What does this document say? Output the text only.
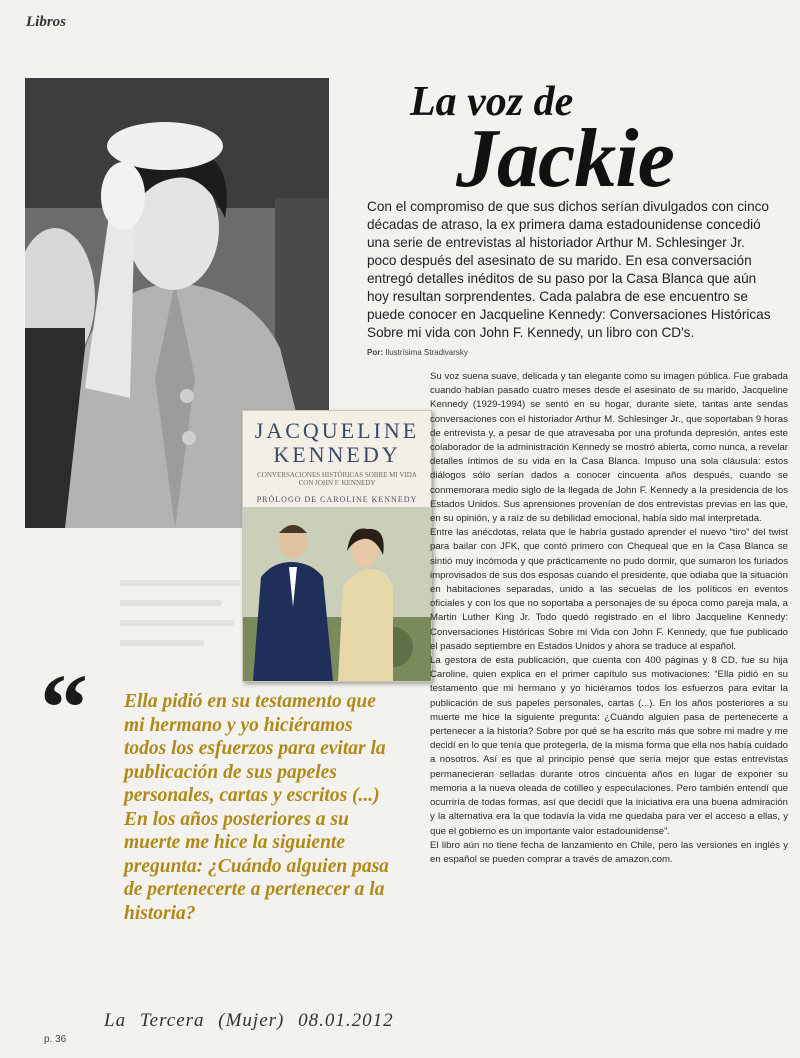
Libros
JACQUELINE
KENNEDY
CONVERSACIONES HISTÓRICAS SOBRE MI VIDA CON JOHN F. KENNEDY
PRÓLOGO DE CAROLINE KENNEDY
La voz de
Jackie
Con el compromiso de que sus dichos serían divulgados con cinco décadas de atraso, la ex primera dama estadounidense concedió una serie de entrevistas al historiador Arthur M. Schlesinger Jr. poco después del asesinato de su marido. En esa conversación entregó detalles inéditos de su paso por la Casa Blanca que aún hoy resultan sorprendentes. Cada palabra de ese encuentro se puede conocer en Jacqueline Kennedy: Conversaciones Históricas Sobre mi vida con John F. Kennedy, un libro con CD's.
Por: Ilustrísima Stradivarsky

Su voz suena suave, delicada y tan elegante como su imagen pública. Fue grabada cuando habían pasado cuatro meses desde el asesinato de su marido, Jacqueline Kennedy (1929-1994) se sentó en su hogar, durante siete, tantas ante sendas conversaciones con el historiador Arthur M. Schlesinger Jr., que soportaban 9 horas de entrevista y, a pesar de que atravesaba por una profunda depresión, antes este colaborador de la administración Kennedy se mostró abierta, como nunca, a revelar detalles íntimos de su vida en la Casa Blanca. Impuso una sola cláusula: estos diálogos sólo serían dados a conocer cincuenta años después, cuando se conmemorara medio siglo de la llegada de John F. Kennedy a la presidencia de los Estados Unidos. Sus aprensiones provenían de dos entrevistas previas en las que, en su opinión, y a raíz de su debilidad emocional, había sido mal interpretada.

Entre las anécdotas, relata que le habría gustado aprender el nuevo “tiro” del twist para bailar con JFK, que contó primero con Chequeal que en la Casa Blanca se sintió muy incómoda y que prácticamente no pudo dormir, que sumaron los furiados improvisados de sus dos esposas cuando el presidente, que odiaba que la situación en habitaciones separadas, unido a las secuelas de los políticos en eventos oficiales y con los que no soportaba a personajes de su época como pareja mala, a Martin Luther King Jr. Todo quedó registrado en el libro Jacqueline Kennedy: Conversaciones Históricas Sobre mi Vida con John F. Kennedy, que fue publicado el pasado septiembre en Estados Unidos y ahora se traduce al español.

La gestora de esta publicación, que cuenta con 400 páginas y 8 CD, fue su hija Caroline, quien explica en el primer capítulo sus motivaciones: “Ella pidió en su testamento que mi hermano y yo hiciéramos todos los esfuerzos para evitar la publicación de sus papeles personales, cartas (...). En los años posteriores a su muerte me hice la siguiente pregunta: ¿Cuándo alguien pasa de pertenecerte a pertenecer a la historia? Sobre por qué se ha escrito más que sobre mi madre y me decidí en lo que tenía que protegerla, de la misma forma que ella nos había cuidado a nosotros. Así es que al principio pensé que sería mejor que estas entrevistas permanecieran selladas durante otros cincuenta años en lugar de exponer su memoria a la nueva oleada de cotilleo y especulaciones. Pero también entendí que ocurriría de todas formas, así que decidí que la iniciativa era una buena admiración y la alternativa era la que todavía la vida me quedaba para ver el acceso a ellas, y que el gobierno es un importante valor estadounidense”.

El libro aún no tiene fecha de lanzamiento en Chile, pero las versiones en inglés y en español se pueden comprar a través de amazon.com.

“ Ella pidió en su testamento que mi hermano y yo hiciéramos todos los esfuerzos para evitar la publicación de sus papeles personales, cartas y escritos (...) En los años posteriores a su muerte me hice la siguiente pregunta: ¿Cuándo alguien pasa de pertenecerte a pertenecer a la historia?
p. 36
La Tercera (Mujer) 08.01.2012
